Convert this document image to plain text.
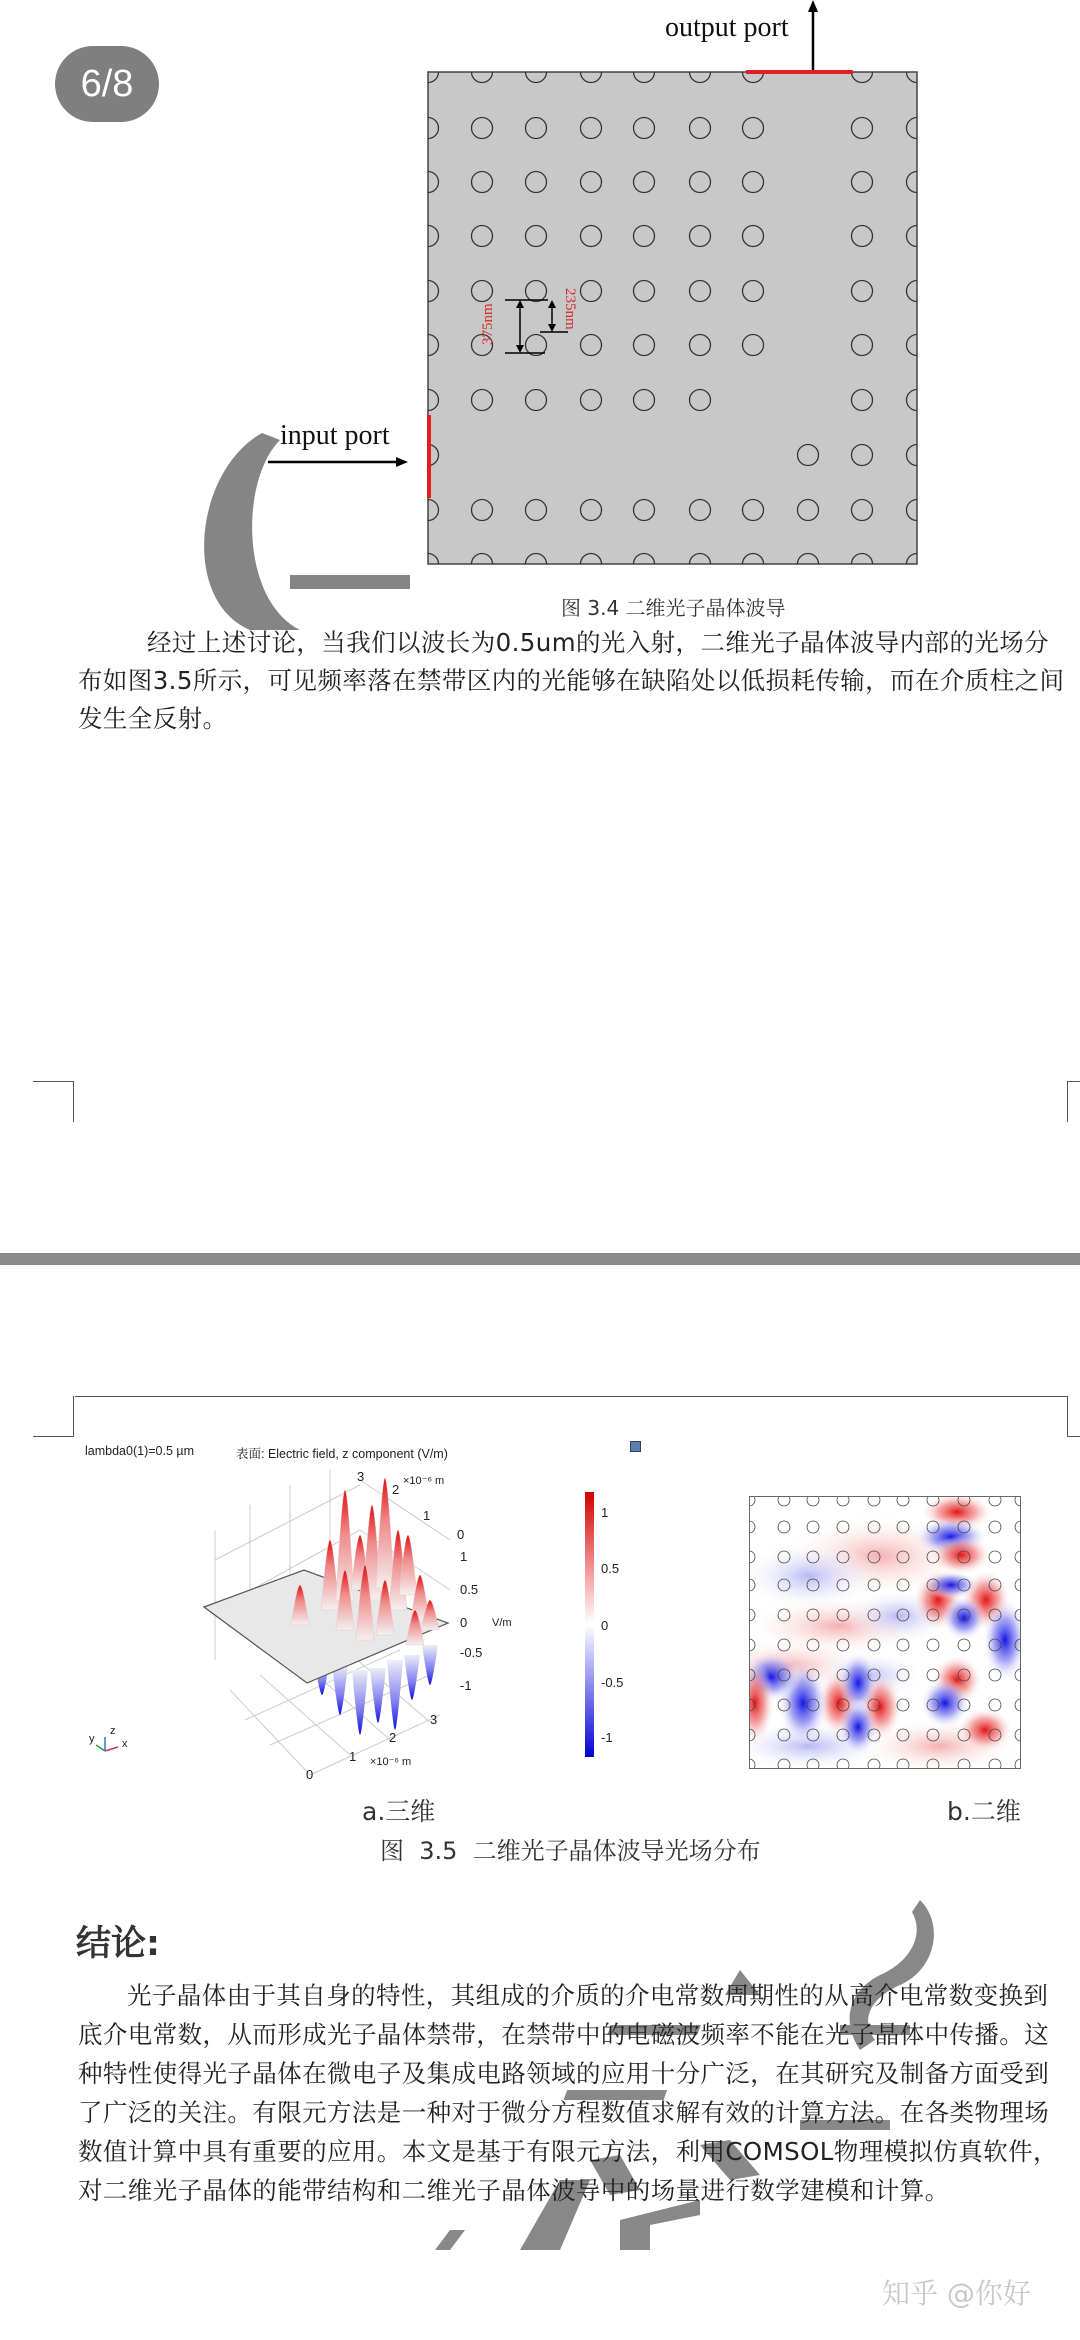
6/8
output port
input port
375nm	235nm
图 3.4 二维光子晶体波导
经过上述讨论，当我们以波长为0.5um的光入射，二维光子晶体波导内部的光场分
布如图3.5所示，可见频率落在禁带区内的光能够在缺陷处以低损耗传输，而在介质柱之间
发生全反射。
lambda0(1)=0.5 µm	表面: Electric field, z component (V/m)
z
y	x
3
2
×10⁻⁶ m
1
0
1
0.5
0 V/m
-0.5
-1
0
1
2
3
×10⁻⁶ m
1
0.5
0
-0.5
-1
a.三维	b.二维
图  3.5  二维光子晶体波导光场分布
结论:
光子晶体由于其自身的特性，其组成的介质的介电常数周期性的从高介电常数变换到
底介电常数，从而形成光子晶体禁带，在禁带中的电磁波频率不能在光子晶体中传播。这
种特性使得光子晶体在微电子及集成电路领域的应用十分广泛，在其研究及制备方面受到
了广泛的关注。有限元方法是一种对于微分方程数值求解有效的计算方法。在各类物理场
数值计算中具有重要的应用。本文是基于有限元方法，利用COMSOL物理模拟仿真软件，
对二维光子晶体的能带结构和二维光子晶体波导中的场量进行数学建模和计算。
知乎 @你好
